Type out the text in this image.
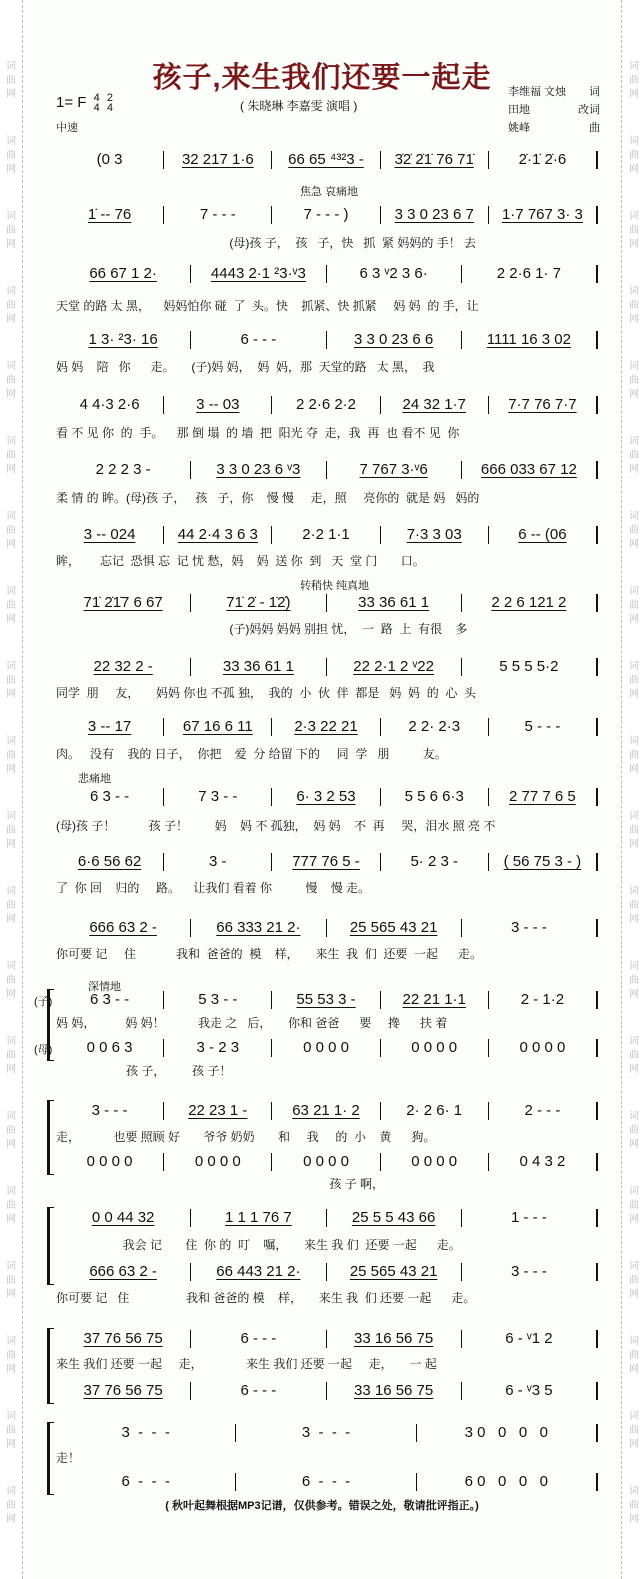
词
曲
网
词
曲
网
词
曲
网
词
曲
网
词
曲
网
词
曲
网
词
曲
网
词
曲
网
词
曲
网
词
曲
网
词
曲
网
词
曲
网
词
曲
网
词
曲
网
词
曲
网
词
曲
网
词
曲
网
词
曲
网
词
曲
网
词
曲
网
词
曲
网
词
曲
网
词
曲
网
词
曲
网
词
曲
网
词
曲
网
词
曲
网
词
曲
网
词
曲
网
词
曲
网
词
曲
网
词
曲
网
词
曲
网
词
曲
网
词
曲
网
词
曲
网
词
曲
网
词
曲
网
词
曲
网
词
曲
网
孩子,来生我们还要一起走
1= F 4
4 2
4
中速
( 朱晓琳 李嘉雯 演唱 )
李维福 文烛 词
田地	改词
姚峰	曲
(0 3	32 217 1·6	66 65 ⁴³²3 -	3̇2̇ 2̇1̇ 76 71̇	2̇·1̇ 2̇·6
焦急 哀痛地
1̇ -- 76	7 - - -	7 - - - )	3 3 0 23 6 7	1·7 767 3· 3
(母)孩 子，  孩   子，快   抓  紧 妈妈的 手！ 去
66 67 1 2·	4443 2·1 ²3·ᵛ3	6 3 ᵛ2 3 6·	2 2·6 1· 7
天堂 的路 太 黑，    妈妈怕你 碰  了  头。快    抓紧、快 抓紧     妈 妈  的 手，让
1 3· ²3· 16	6 - - -	3 3 0 23 6 6	1111 16 3 02
妈 妈    陪   你      走。     (子)妈 妈，  妈  妈，那  天堂的路   太 黑，  我
4 4·3 2·6	3 -- 03	2 2·6 2·2	24 32 1·7	7·7 76 7·7
看 不 见 你  的  手。    那 倒 塌  的 墙  把  阳光 夺  走，我  再  也 看不 见  你
2 2 2 3 -	3 3 0 23 6 ᵛ3	7 767 3·ᵛ6	666 033 67 12
柔 情 的 眸。(母)孩 子，   孩   子，你    慢 慢     走，照     亮你的  就是 妈   妈的
3 -- 024	44 2·4 3 6 3	2·2 1·1	7·3 3 03	6 -- (06
眸，      忘记  恐惧 忘  记 忧 愁，妈    妈  送 你  到   天  堂 门       口。
转稍快 纯真地
71̇ 2̇1̇7 6 67	71̇ 2̇ - 1̇2̇)	33 36 61 1	2 2 6 121 2
(子)妈妈 妈妈 别担 忧，  一  路  上  有很    多
22 32 2 -	33 36 61 1	22 2·1 2 ᵛ22	5 5 5 5·2
同学  朋     友，     妈妈 你也 不孤 独，  我的  小  伙  伴  都是   妈  妈  的  心  头
3 -- 17	67 16 6 11	2·3 22 21	2 2· 2·3	5 - - -
肉。   没有    我的 日子，  你把    爱  分 给留 下的     同  学   朋          友。
悲痛地
6 3 - -	7 3 - -	6· 3 2 53	5 5 6 6·3	2 77 7 6 5
(母)孩 子！          孩 子！        妈    妈 不 孤独，  妈 妈    不  再     哭，泪水 照 亮 不
6·6 56 62	3 -	777 76 5 -	5· 2 3 -	( 56 75 3 - )
了  你 回    归的     路。    让我们 看着 你          慢    慢 走。
666 63 2 -	66 333 21 2·	25 565 43 21	3 - - -
你可要 记     住            我和  爸爸的  模    样，     来生  我  们  还要  一起      走。
深情地
6 3 - -	5 3 - -	55 53 3 -	22 21 1·1	2 - 1·2
(子)
妈 妈，         妈 妈！          我走 之   后，     你和 爸爸      要     搀      扶 着
0 0 6 3	3 - 2 3	0 0 0 0	0 0 0 0	0 0 0 0
(母)
孩 子，        孩 子！
3 - - -	22 23 1 -	63 21 1· 2	2· 2 6· 1	2 - - -
走，          也要 照顾 好       爷爷 奶奶       和     我     的  小    黄      狗。
0 0 0 0	0 0 0 0	0 0 0 0	0 0 0 0	0 4 3 2
孩 子 啊，
0 0 44 32	1 1 1 76 7	25 5 5 43 66	1 - - -
我会 记       住  你 的  叮    嘱，     来生 我 们  还要 一起      走。
666 63 2 -	66 443 21 2·	25 565 43 21	3 - - -
你可要 记   住                 我和 爸爸的 模    样，     来生 我  们 还要 一起      走。
37 76 56 75	6 - - -	33 16 56 75	6 - ᵛ1 2
来生 我们 还要 一起     走，             来生 我们 还要 一起     走，     一 起
37 76 56 75	6 - - -	33 16 56 75	6 - ᵛ3 5
3  -  -  -	3  -  -  -	3 0   0   0   0
走！
6  -  -  -	6  -  -  -	6 0   0   0   0
( 秋叶起舞根据MP3记谱，仅供参考。错误之处，敬请批评指正。)
